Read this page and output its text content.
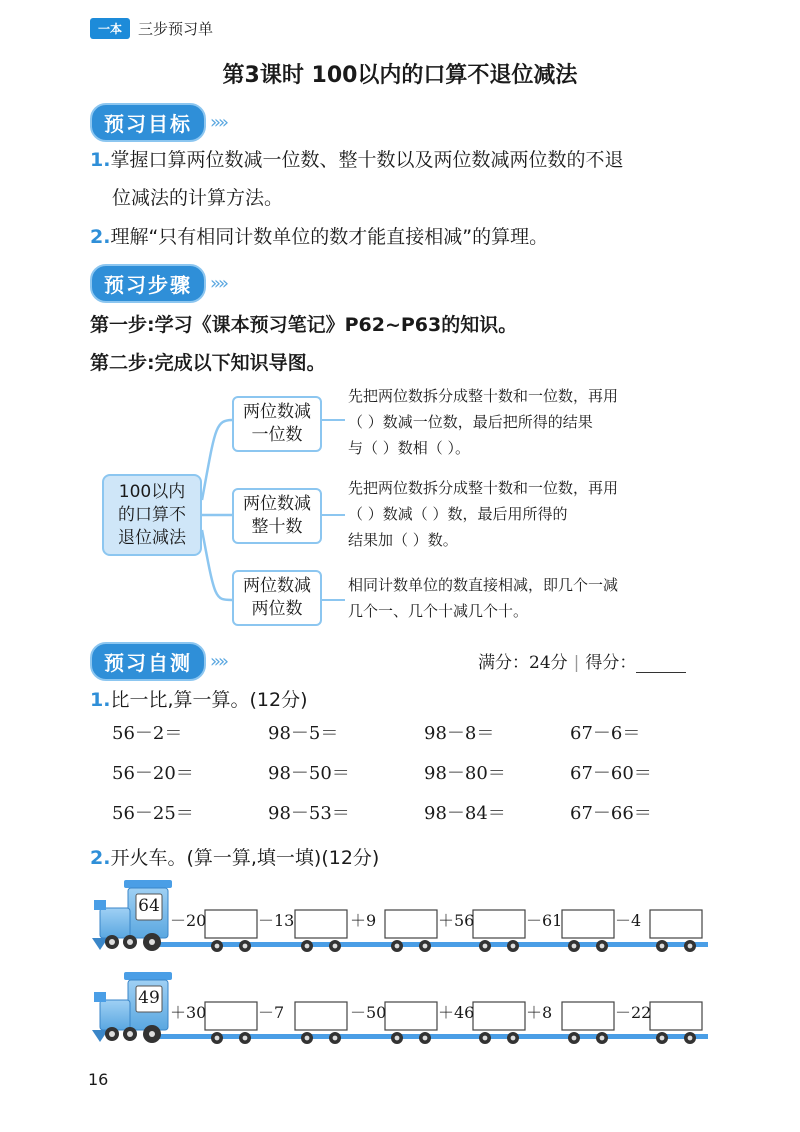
一本	三步预习单
第3课时 100以内的口算不退位减法
预习目标	»»
1.掌握口算两位数减一位数、整十数以及两位数减两位数的不退
位减法的计算方法。
2.理解“只有相同计数单位的数才能直接相减”的算理。
预习步骤	»»
第一步:学习《课本预习笔记》P62~P63的知识。
第二步:完成以下知识导图。
100以内
的口算不
退位减法
两位数减
一位数
先把两位数拆分成整十数和一位数，再用
（ ）数减一位数，最后把所得的结果
与（ ）数相（ ）。
两位数减
整十数
先把两位数拆分成整十数和一位数，再用
（ ）数减（ ）数，最后用所得的
结果加（ ）数。
两位数减
两位数
相同计数单位的数直接相减，即几个一减
几个一、几个十减几个十。
预习自测	»»	满分：24分 | 得分：
1.比一比,算一算。(12分)
56－2＝	98－5＝	98－8＝	67－6＝
56－20＝	98－50＝	98－80＝	67－60＝
56－25＝	98－53＝	98－84＝	67－66＝
2.开火车。(算一算,填一填)(12分)
64
－20	－13	＋9	＋56	－61	－4
49
＋30	－7	－50	＋46	＋8	－22
16
